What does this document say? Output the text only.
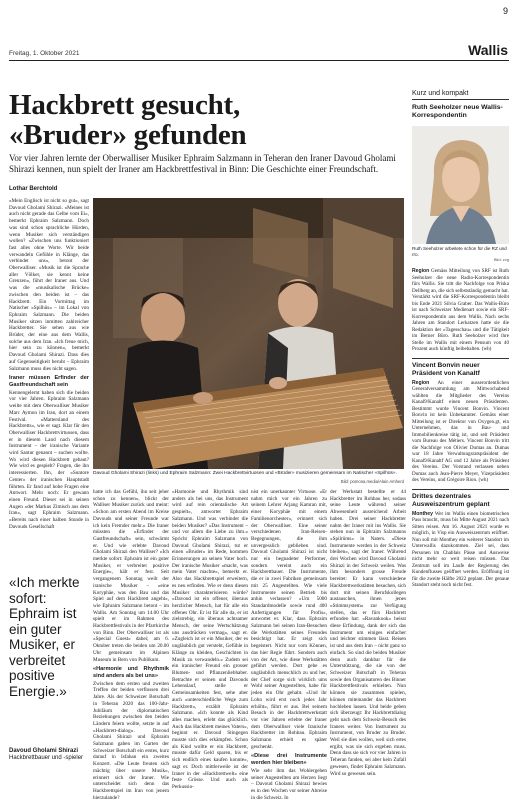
9
Freitag, 1. Oktober 2021	Wallis
Hackbrett gesucht,
«Bruder» gefunden

Vor vier Jahren lernte der Oberwalliser Musiker Ephraim Salzmann in Teheran den Iraner Davoud Gholami Shirazi kennen, nun spielt der Iraner am Hackbrettfestival in Binn: Die Geschichte einer Freundschaft.

Lothar Berchtold

«Mein Englisch ist nicht so gut», sagt Davoud Gholami Shirazi. «Meines ist auch nicht gerade das Gelbe vom Ei», bemerkt Ephraim Salzmann. Doch was sind schon sprachliche Hürden, wenn Musiker sich verständigen wollen? «Zwischen uns funktioniert fast alles ohne Worte. Wir beide verwandeln Gefühle in Klänge, das verbindet uns», betont der Oberwalliser. «Musik ist die Sprache aller Völker, sie kennt keine Grenzen», führt der Iraner aus. Und was die «musikalische Brücke» zwischen den beiden ist – das Hackbrett. Ein Vormittag im Natischer «Spilhüs» – im Lokal von Ephraim Salzmann. Die beiden Musiker sitzen inmitten zahlreicher Hackbretter. Sie sehen aus wie Brüder, der eine aus dem Wallis, solche aus dem Iran. «Ich freue mich, hier sein zu können», bemerkt Davoud Gholami Shirazi. Dass dies auf Gegenseitigkeit beruht – Ephraim Salzmann muss dies nicht sagen.

Iraner müssen Erfinder der Gastfreundschaft sein

Kennengelernt haben sich die beiden vor vier Jahren. Ephraim Salzmann weilte mit dem Oberwalliser Musiker Marc Aymon im Iran, dort an einem Festival. «Mattersland des Hackbretts», wie er sagt. Klar für den Oberwalliser Hackbrettvirtuosen, dass er in diesem Land nach diesem Instrument – der iranische Variante wird Santur genannt – suchen wollte. Wo wird diesen Hackbrett gebaut? Wie wird es gespielt? Fragen, die ihn interessierten. Ihn, der «Suntore Center» der iranischen Hauptstadt führten. Er fand auf hohe Fragen eine Antwort. Mehr noch: Er gewann einen Freund. Dieser sei in seinen Augen «der Markus Zimisch aus dem Iran», sagt Ephraim Salzmann. «Bereits nach einer halben Stunde in Davouds Gesellschaft

Davoud Gholami Shirazi (links) und Ephraim Salzmann: Zwei Hackbrettvirtuosen und «Brüder» musizieren gemeinsam im Natischer «Spilhüs».
Bild: pomona.media/Alain Amherd

hatte ich das Gefühl, ihn seit jeher schon zu kennen», blickt der Walliser Musiker zurück und meint: «Schon am ersten Abend im Kreise Davouds und seiner Freunde war ich kein Fremder mehr.» Die Iraner müssten die «Erfinder der Gastfreundschaft» sein, schwärmt er. Und wie erlebte Davoud Gholami Shirazi den Walliser? «Ich merkte sofort: Ephraim ist ein guter Musiker, er verbreitet positive Energie», hält er fest. Seit vergangenem Sonntag weilt der iranische Musiker – «eine Koryphäe, was den Bau und das Spiel auf dem Hackbrett angeht», wie Ephraim Salzmann betont – im Wallis. Am Sonntag um 14.00 Uhr spielt er im Rahmen des Hackbrettfestivals in der Pfarrkirche von Binn. Der Oberwalliser ist als «Special Guest» dabei; am 6. Oktober treten die beiden um 20.00 Uhr gemeinsam im Alpinen Museum in Bern von Publikum.

«Harmonie und Rhythmik sind anders als bei uns»

Zwischen dem ersten und zweiten Treffen der beiden verflossen drei Jahre. Als der Schweizer Botschaft in Teheran 2020 das 100-Jahr-Jubiläum der diplomatischen Beziehungen zwischen den beiden Ländern feiern wollte, setzte in auf «Hackbrett-dialog». Davoud Gholami Shirazi und Ephraim Salzmann gaben im Garten der Schweizer Botschaft ein erstes, kurz darauf in Isfahan ein zweites Konzert. «Die Leute freuten sich mächtig über unsere Musik», erinnert sich der Iraner. Wie unterscheidet sich denn das Hackbrettspiel im Iran von jenem hierzulande?

«Harmonie und Rhythmik sind anders als bei uns, das Instrument wird auf rein orientalische Art gespielt», antwortet Ephraim Salzmann. Und was verbindet die beiden Musiker? «Das Instrument – und vor allem die Liebe zu ihm.» Spricht Ephraim Salzmann von Davoud Gholami Shirazi, tut er einen «Bruder» im Rede, kommen Erinnerungen an seinen Vater hoch. Der iranische Musiker «macht, was mein Vater machte», bemerkt er. Also das Hackbrettspiel erweitern, es neu erfinden. Wie er denn diesen Musiker charakterisieren würde? «Davoud ist ein offener, überaus herzlicher Mensch, hat für alle ein offenes Ohr. Er ist für alle da, er ist zielstrebig, ein überaus achtsamer Mensch, der seine Wertschätzung uns ausdrücken vermag», sagt er. «Zugleich ist er ein Musiker, der es ungläublich gut versteht, Gefühle in Klänge zu kleiden, Geschichten in Musik zu verwandeln.» Zudem sei ein iranischer Freund ein grosser Blumen- und Pflanzenliebhaber. Betrachte er seinen und Davouds Lebenslauf, stelle er Gemeinsamkeiten fest, sehe aber auch «unterschiedliche Wege zum Hackbrett», erzählt Ephraim Salzmann. «Ich konnte als Kind alles machen, erlebt das glücklich. Auch das Hackbrett meines Vaters», beginnt er. Davoud Stingegen musste sich dies erkämpfen. Schon als Kind wollte er ein Hackbrett, musste dafür Geld sparen, bis er sich endlich eines kaufen konnte», sagt er. Doch mittlerweile ist der Iraner in der «Hackbrettwelt» eine feste Grösse. Und auch als Perkussio-

nist ein unerkannter Virtuose. «Er nahm mich vor ein Jahren zu seinem Lehrer Arjang Kamran mit, einer Koryphäe mit einem Familienorchester», erinnert sich der Oberwalliser. Eine seiner verschiedenen Iran-Reisen-Begegnungen, die ihm unvergesslich geblieben sind. Davoud Gholami Shirazi ist nicht nur ein begnadeter Performer, sondern vereint auch ein Hackbrettbauer. Die Instrumente, die er in zwei Fabriken gemeinsam mit 25 Angestellten. Wie viele Instrumente seinen Betrieb bis anhin verlassen? «Um 5000 Standardmodelle sowie rund 400 Anfertigungen für Profis», antwortet er. Klar, dass Ephraim Salzmann bei seinen Iran-Besuchen die Werkstätten seines Freundes besichtigt hat. Er zeigt sich begeistert. Nicht nur vom Können, das hier Regie führt. Sondern auch von der Art, wie diese Werkstätten geführt werden. Dort gebe es ungläublich menschlich zu und her, der Chef sorge sich wirklich ums Wohl seiner Angestellten, habe für jeden ein Ohr gehabt. «Und ihr Lohn wird erst noch jedes Jahr erhöht», führt er aus. Bei seinem Besuch in der Hackbrettwerkstatt vor vier Jahren erlebte der Iraner dem Oberwalliser viele Iranische Hackbretter im Rohbau. Ephraim Salzmann erhielt es später geschenkt.

«Diese drei Instrumente werden hier bleiben»

Wie sehr ihm das Wohlergehen seiner Angestellten am Herzen liegt – Davoud Gholami Shirazi bewies es in den Wochen vor seiner Abreise in die Schweiz. In

der Werkstatt bestellte er 44 Hackbretter im Rohbau her, sodass seine Leute während seiner Abwesenheit ausreichend Arbeit haben. Drei seiner Hackbretter nahm der Iraner mit ins Wallis. Sie stehen nun in Ephraim Salzmanns «Spilrüms» in Naters. «Diese Instrumente werden in der Schweiz bleiben», sagt der Iraner. Während drei Wochen wird Davoud Gholami Shirazi in der Schweiz weilen. Was ihm besonders grosse Freude bereitet: Er kann verschiedene Hackbrettwerkstätten besuchen, sich dort mit seinen Berufskollegen austauschen, ihnen jenes «Stimmsystem» zur Verfügung stellen, das er fürs Hackbrett erfunden hat: «Ravankook» heisst diese Erfindung, dank der sich das Instrument um einiges einfacher und leichter stimmen lässt. Reisen ist und aus dem Iran – nicht ganz so einfach. So sind die beiden Musiker denn auch dankbar für die Unterstützung, die sie von der Schweizer Botschaft in Teheran sowie den Organisatoren des Binner Hackbrettfestivals erhielten. Nun können sie zusammen spielen, können miteinander das Hackbrett hochleben lassen. Und beide geben sich überzeugt: Ihr Hackbrettdialog geht nach dem Schweiz-Besuch des Iraners weiter. Von Instrument zu Instrument, von Bruder zu Bruder. Weil sie dies wollen, weil sich ertes ergibt, was sie sich ergeben muss. Denn dass sie sich vor vier Jahren in Teheran fanden, sei aber kein Zufall gewesen, findet Ephraim Salzmann. Wird so gewesen sein.

«Ich merkte sofort: Ephraim ist ein guter Musiker, er verbreitet positive Energie.»
Davoud Gholami Shirazi
Hackbrettbauer und -spieler
Kurz und kompakt
Ruth Seeholzer neue Wallis-Korrespondentin
Ruth Seeholzer arbeitete schon für die RZ und rro.
Bild: zvg
Region Gemäss Mitteilung von SRF ist Ruth Seeholzer die neue Radio-Korrespondentin fürs Wallis. Sie tritt die Nachfolge von Priska Dellberg an, die sich selbstständig gemacht hat. Verstärkt wird die SRF-Korrespondentin bleibt bis Ende 2021 Silvia Graber. Das Wallis-Büro ist nach Schweizer Medienart sowie ein SRF-Korrespondentin aus dem Wallis. Nach sechs Jahren am Standort Lerkatzen hatte sie die Redaktion der «Tagesschau» und die Tätigkeit im Berner Büro. Ruth Seeholzer wird ihre Stelle im Wallis mit einem Pensum von 40 Prozent auch künftig beibehalten. (wh)
Vincent Bonvin neuer Präsident von Kanaltf
Region An einer ausserordentlichen Generalversammlung am Mittwochabend wählten die Mitglieder des Vereins Kanal9/Kanaltf einen neuen Präsidenten. Bestimmt wurde Vincent Bonvin. Vincent Bonvin ist kein Unbekannter. Gemäss einer Mitteilung ist er Direktor von Oxygen.gt, ein Unternehmen, das in Bau- und Immobilienkreise tätig ist, und seit Präsident vom Bureau des Métiers. Vincent Bonvin tritt die Nachfolge von Olivier Dumas an. Dumas war 18 Jahre Verwaltungsratspräsident der Kanal9/Kanaltf AG und 12 Jahre als Präsident des Vereins. Der Vorstand verlassen neben Dumas auch Jean-Pierre Meyer, Vizepräsident des Vereins, und Grégoire Rion. (wh)
Drittes dezentrales Ausweiszentrum geplant
Monthey Wer im Wallis einen biometrischen Pass braucht, muss bis Mitte August 2021 nach Sitten reisen. Am 16. August 2021 wurde es möglich, in Visp ein Ausweiszentrum eröffnet. Nun soll mit Monthey ein weiterer Standort im Unterwallis dazukommen. Ziel sei, dass Personen im Chablais Pässe und Ausweise nicht mehr so weit reisen müssen. Das Zentrum soll im Laufe der Regierung des Kundenflusses geöffnet werden. Eröffnung ist für die zweite Hälfte 2022 geplant. Der genaue Standort steht noch nicht fest.
